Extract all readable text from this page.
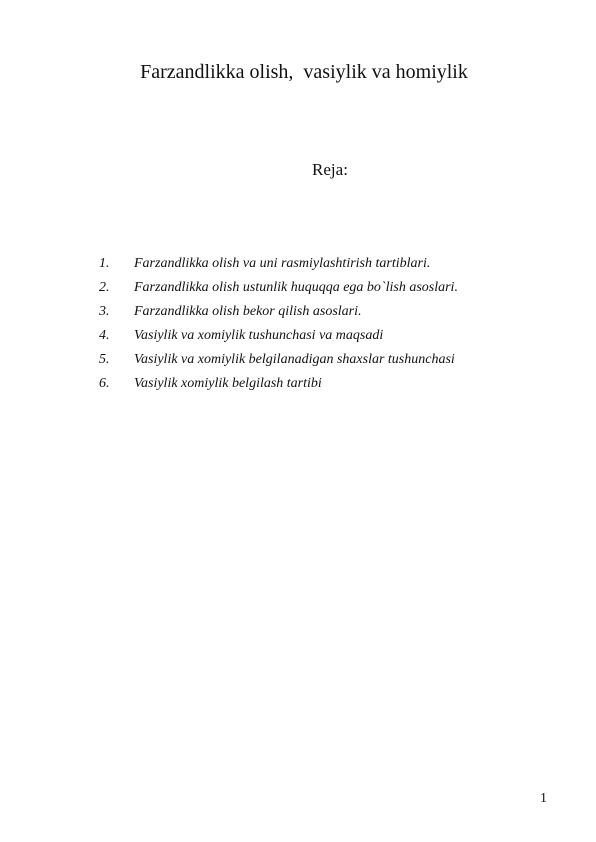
Farzandlikka olish,  vasiylik va homiylik
Reja:
1.	Farzandlikka olish va uni rasmiylashtirish tartiblari.
2.	Farzandlikka olish ustunlik huquqqa ega bo`lish asoslari.
3.	Farzandlikka olish bekor qilish asoslari.
4.	Vasiylik va xomiylik tushunchasi va maqsadi
5.	Vasiylik va xomiylik belgilanadigan shaxslar tushunchasi
6.	Vasiylik xomiylik belgilash tartibi
1
